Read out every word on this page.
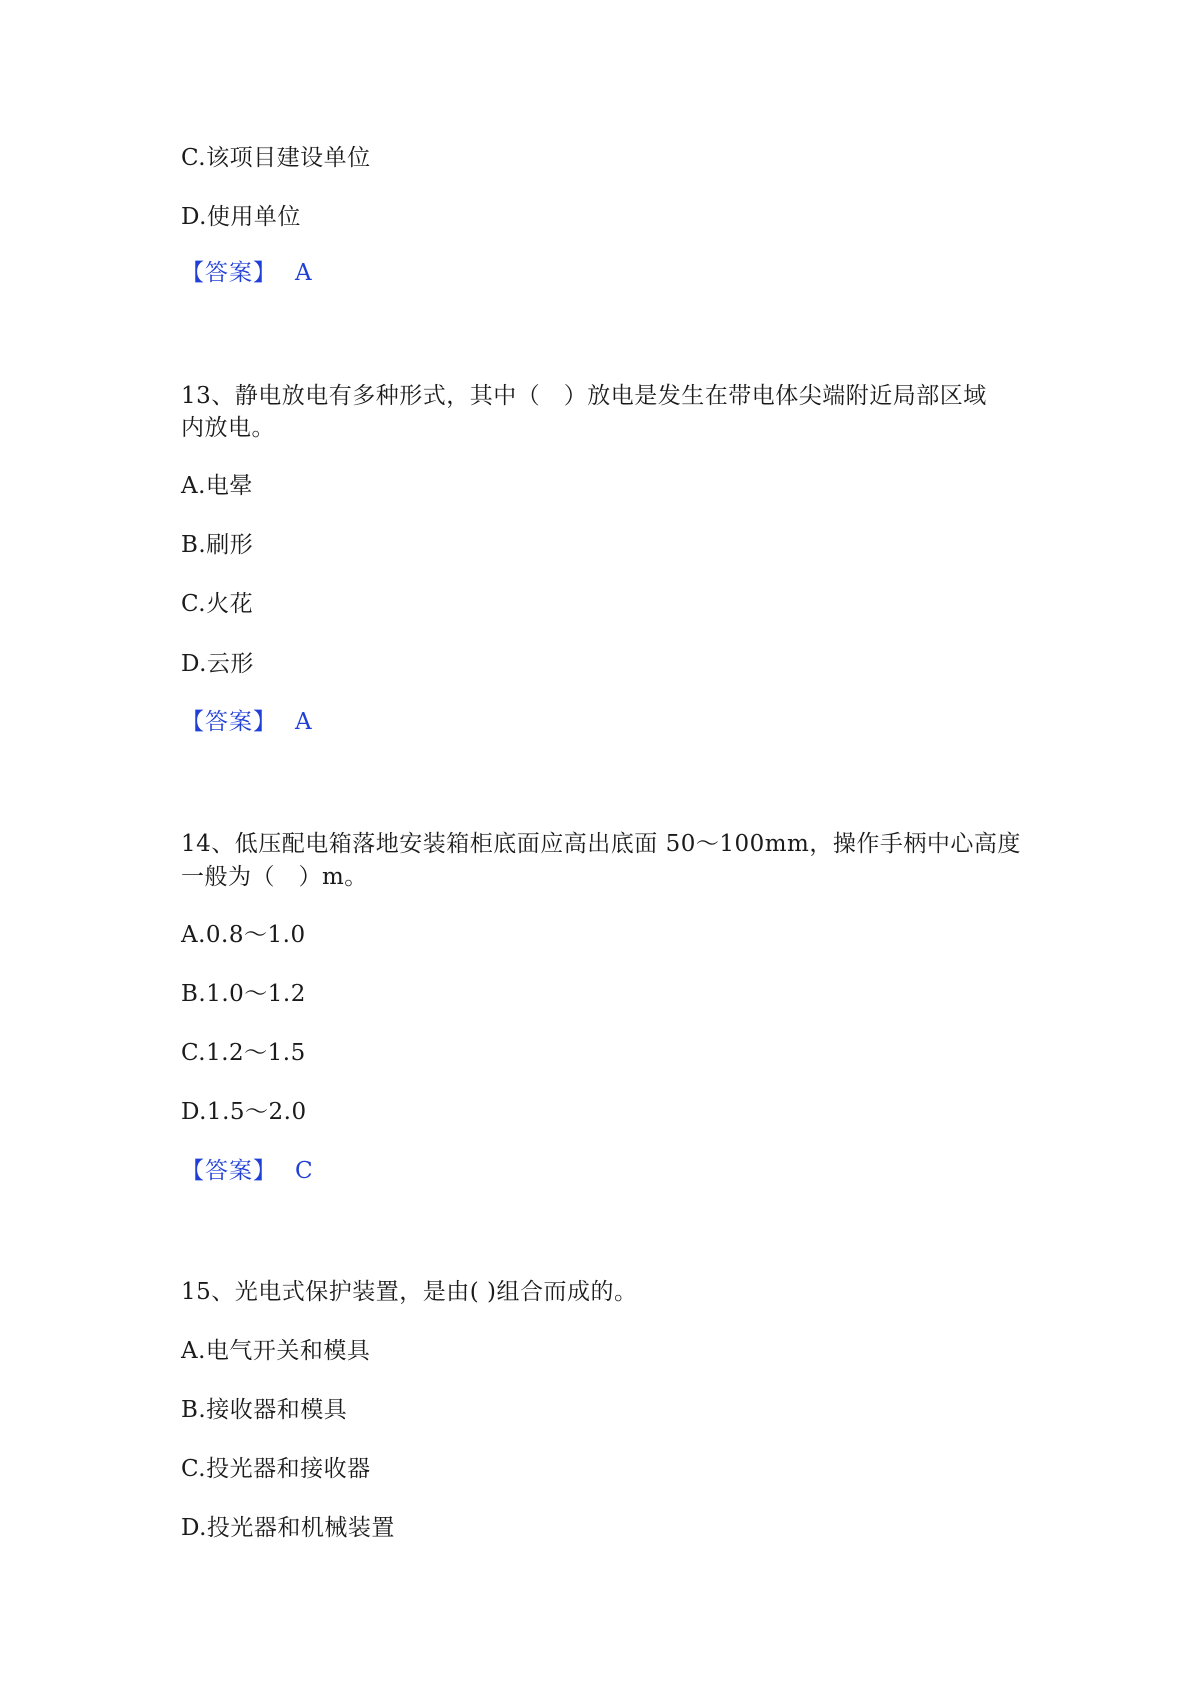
C.该项目建设单位
D.使用单位
【答案】 A
13、静电放电有多种形式，其中（　）放电是发生在带电体尖端附近局部区域
内放电。
A.电晕
B.刷形
C.火花
D.云形
【答案】 A
14、低压配电箱落地安装箱柜底面应高出底面 50～100mm，操作手柄中心高度
一般为（　）m。
A.0.8～1.0
B.1.0～1.2
C.1.2～1.5
D.1.5～2.0
【答案】 C
15、光电式保护装置，是由( )组合而成的。
A.电气开关和模具
B.接收器和模具
C.投光器和接收器
D.投光器和机械装置
